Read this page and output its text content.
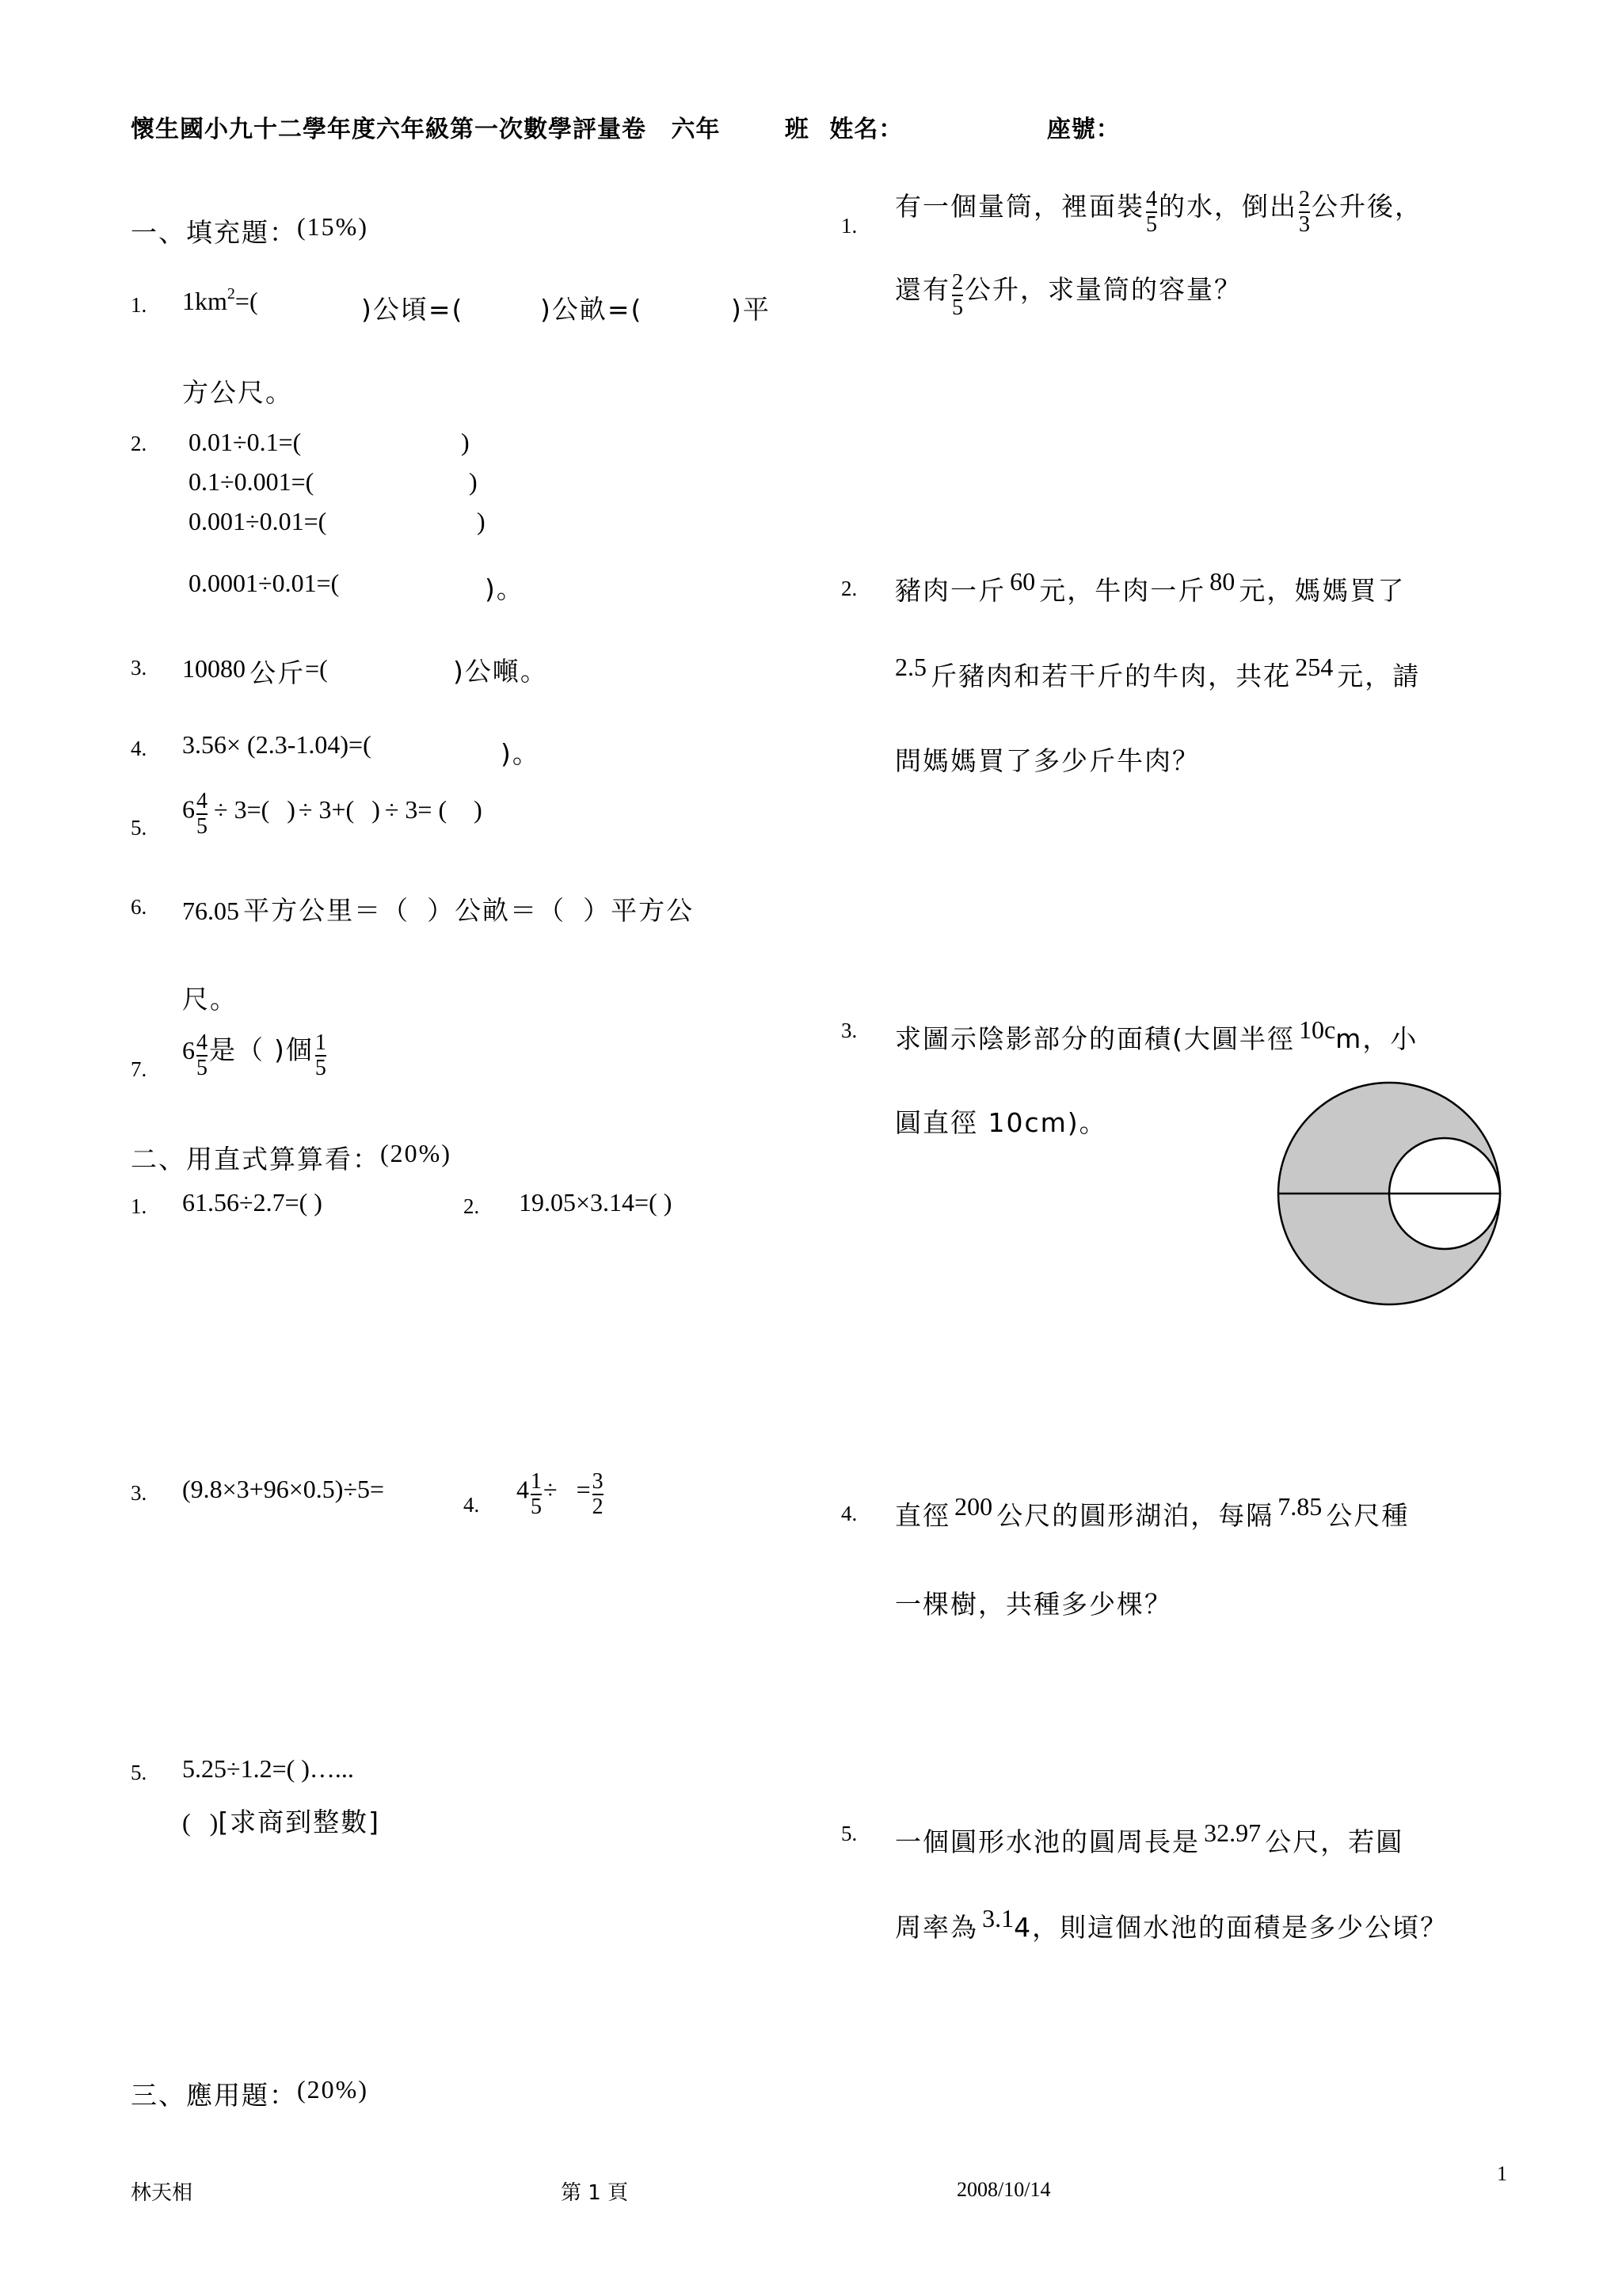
懷生國小九十二學年度六年級第一次數學評量卷 六年	班 姓名：	座號：
一、填充題：(15%)
1. 1km2=(	)公頃=(	)公畝=(	)平
方公尺。
2. 0.01÷0.1=(	)
0.1÷0.001=(	)
0.001÷0.01=(	)
0.0001÷0.01=(	)。
3. 10080 公斤=(	)公噸。
4. 3.56× (2.3-1.04)=(	)。
5.
$6 \frac{4}{5} \div 3=$( ) ÷ 3+( ) ÷ 3= ( )
6. 76.05 平方公里＝（ ）公畝＝（ ）平方公
尺。
7.
$6 \frac{4}{5}$ 是（ )個 $\frac{1}{5}$
二、用直式算算看：(20%)
1. 61.56÷2.7=( )	2. 19.05×3.14=( )
3. (9.8×3+96×0.5)÷5=
4.
$4 \frac{1}{5}$ ÷   = $\frac{3}{2}$
5. 5.25÷1.2=( )…...
(   )[求商到整數]
三、應用題：(20%)
1.
有一個量筒，裡面裝 $\frac{4}{5}$ 的水，倒出 $\frac{2}{3}$ 公升後，
還有 $\frac{2}{5}$ 公升，求量筒的容量？
2. 豬肉一斤 60 元，牛肉一斤 80 元，媽媽買了
2.5 斤豬肉和若干斤的牛肉，共花 254 元，請
問媽媽買了多少斤牛肉？
3. 求圖示陰影部分的面積(大圓半徑 10cm，小
圓直徑 10cm)。
4. 直徑 200 公尺的圓形湖泊，每隔 7.85 公尺種
一棵樹，共種多少棵？
5. 一個圓形水池的圓周長是 32.97 公尺，若圓
周率為 3.14，則這個水池的面積是多少公頃？
1
林天相	第 1 頁	2008/10/14
